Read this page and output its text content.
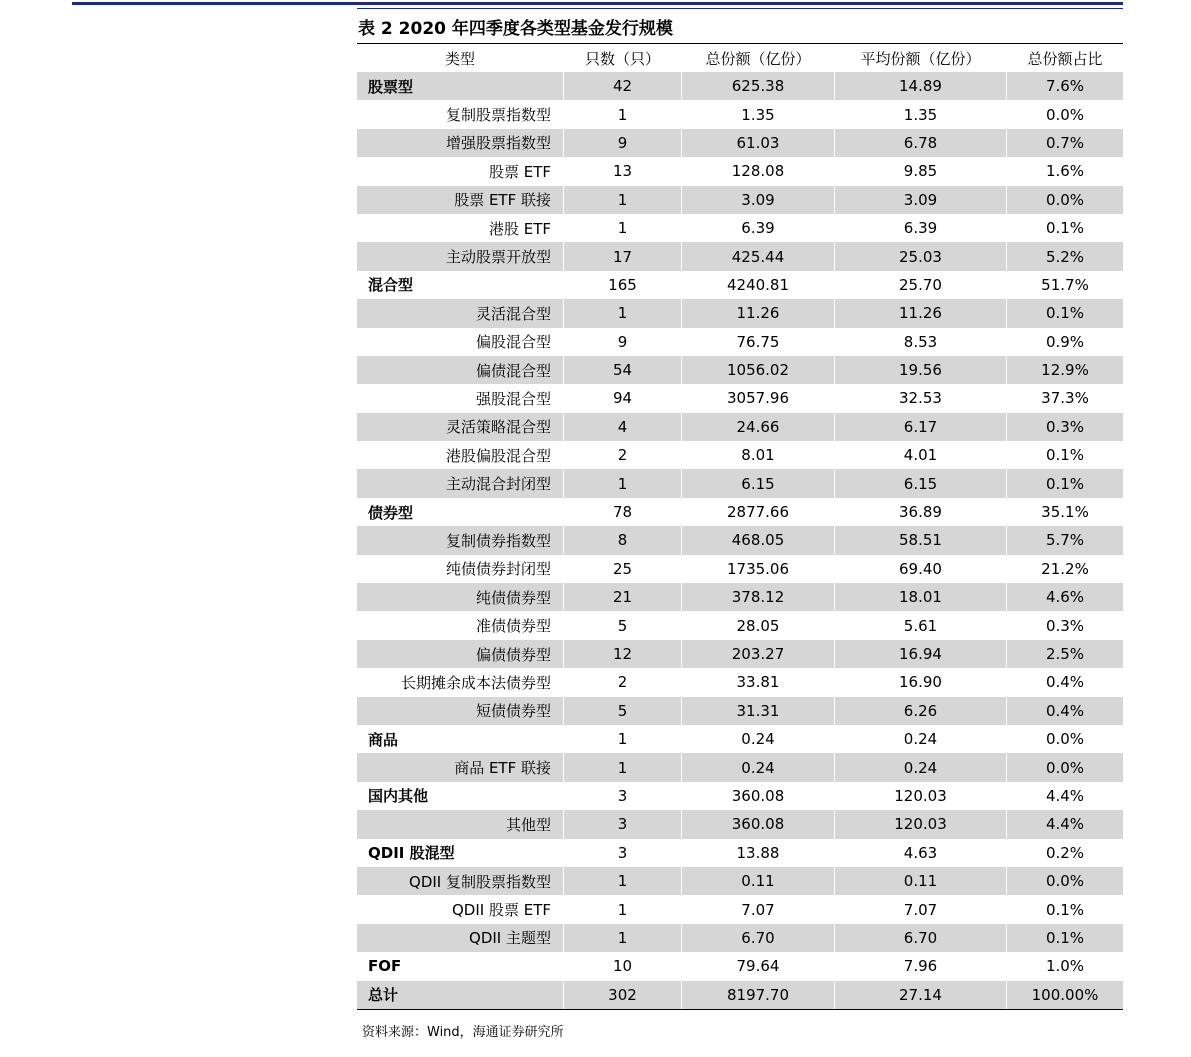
表 2 2020 年四季度各类型基金发行规模
类型	只数（只）	总份额（亿份）	平均份额（亿份）	总份额占比
股票型	42	625.38	14.89	7.6%
复制股票指数型	1	1.35	1.35	0.0%
增强股票指数型	9	61.03	6.78	0.7%
股票 ETF	13	128.08	9.85	1.6%
股票 ETF 联接	1	3.09	3.09	0.0%
港股 ETF	1	6.39	6.39	0.1%
主动股票开放型	17	425.44	25.03	5.2%
混合型	165	4240.81	25.70	51.7%
灵活混合型	1	11.26	11.26	0.1%
偏股混合型	9	76.75	8.53	0.9%
偏债混合型	54	1056.02	19.56	12.9%
强股混合型	94	3057.96	32.53	37.3%
灵活策略混合型	4	24.66	6.17	0.3%
港股偏股混合型	2	8.01	4.01	0.1%
主动混合封闭型	1	6.15	6.15	0.1%
债券型	78	2877.66	36.89	35.1%
复制债券指数型	8	468.05	58.51	5.7%
纯债债券封闭型	25	1735.06	69.40	21.2%
纯债债券型	21	378.12	18.01	4.6%
准债债券型	5	28.05	5.61	0.3%
偏债债券型	12	203.27	16.94	2.5%
长期摊余成本法债券型	2	33.81	16.90	0.4%
短债债券型	5	31.31	6.26	0.4%
商品	1	0.24	0.24	0.0%
商品 ETF 联接	1	0.24	0.24	0.0%
国内其他	3	360.08	120.03	4.4%
其他型	3	360.08	120.03	4.4%
QDII 股混型	3	13.88	4.63	0.2%
QDII 复制股票指数型	1	0.11	0.11	0.0%
QDII 股票 ETF	1	7.07	7.07	0.1%
QDII 主题型	1	6.70	6.70	0.1%
FOF	10	79.64	7.96	1.0%
总计	302	8197.70	27.14	100.00%
资料来源：Wind，海通证券研究所
